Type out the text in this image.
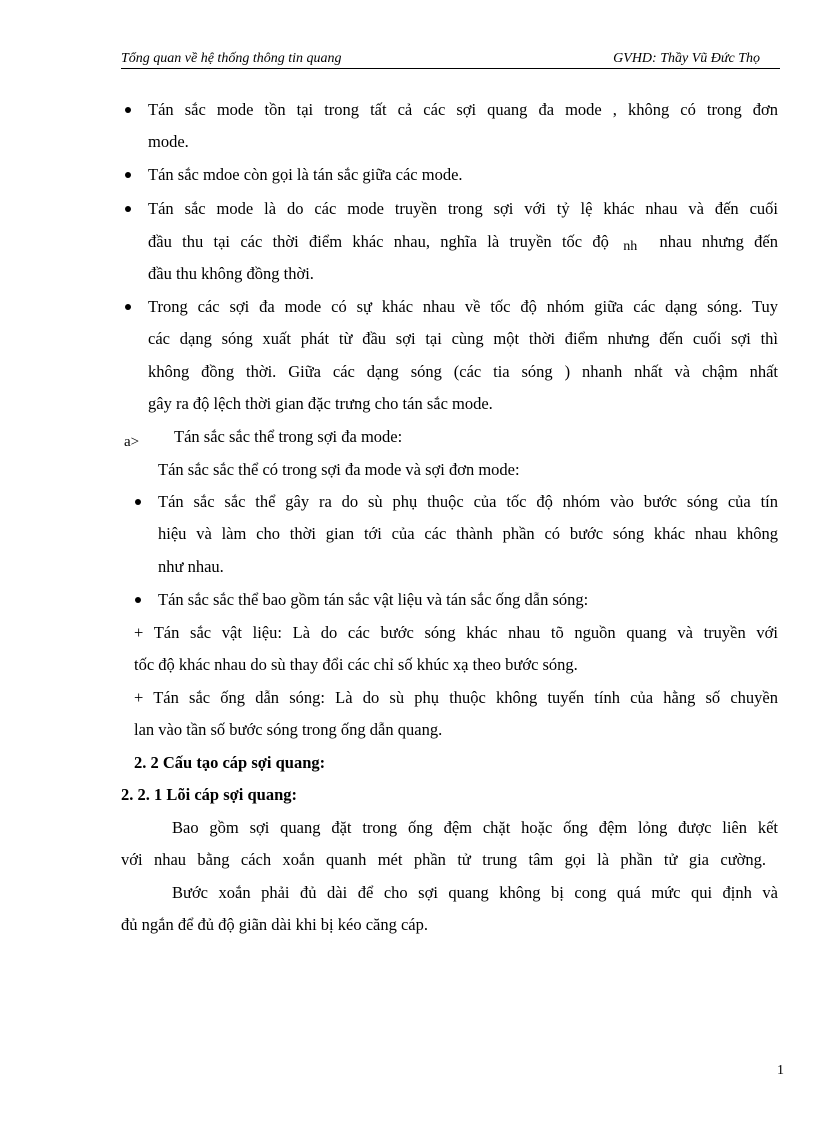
Tổng quan về hệ thống thông tin quang	GVHD: Thầy Vũ Đức Thọ
Tán sắc mode tồn tại trong tất cả các sợi quang đa mode , không có trong đơn
mode.
Tán sắc mdoe còn gọi là tán sắc giữa các mode.
Tán sắc mode là do các mode truyền trong sợi với tỷ lệ khác nhau và đến cuối
đầu thu tại các thời điểm khác nhau, nghĩa là truyền tốc độ nh nhau nhưng đến
đầu thu không đồng thời.
Trong các sợi đa mode có sự khác nhau về tốc độ nhóm giữa các dạng sóng. Tuy
các dạng sóng xuất phát từ đầu sợi tại cùng một thời điểm nhưng đến cuối sợi thì
không đồng thời. Giữa các dạng sóng (các tia sóng ) nhanh nhất và chậm nhất
gây ra độ lệch thời gian đặc trưng cho tán sắc mode.
a> Tán sắc sắc thể trong sợi đa mode:
Tán sắc sắc thể có trong sợi đa mode và sợi đơn mode:
Tán sắc sắc thể gây ra do sù phụ thuộc của tốc độ nhóm vào bước sóng của tín
hiệu và làm cho thời gian tới của các thành phần có bước sóng khác nhau không
như nhau.
Tán sắc sắc thể bao gồm tán sắc vật liệu và tán sắc ống dẫn sóng:
+ Tán sắc vật liệu: Là do các bước sóng khác nhau tõ nguồn quang và truyền với
tốc độ khác nhau do sù thay đổi các chỉ số khúc xạ theo bước sóng.
+ Tán sắc ống dẫn sóng: Là do sù phụ thuộc không tuyến tính của hằng số chuyền
lan vào tần số bước sóng trong ống dẫn quang.
2. 2 Cấu tạo cáp sợi quang:
2. 2. 1 Lõi cáp sợi quang:
Bao gồm sợi quang đặt trong ống đệm chặt hoặc ống đệm lỏng được liên kết
với nhau bằng cách xoắn quanh mét phần tử trung tâm gọi là phần tử gia cường.
Bước xoắn phải đủ dài để cho sợi quang không bị cong quá mức qui định và
đủ ngắn để đủ độ giãn dài khi bị kéo căng cáp.
1
